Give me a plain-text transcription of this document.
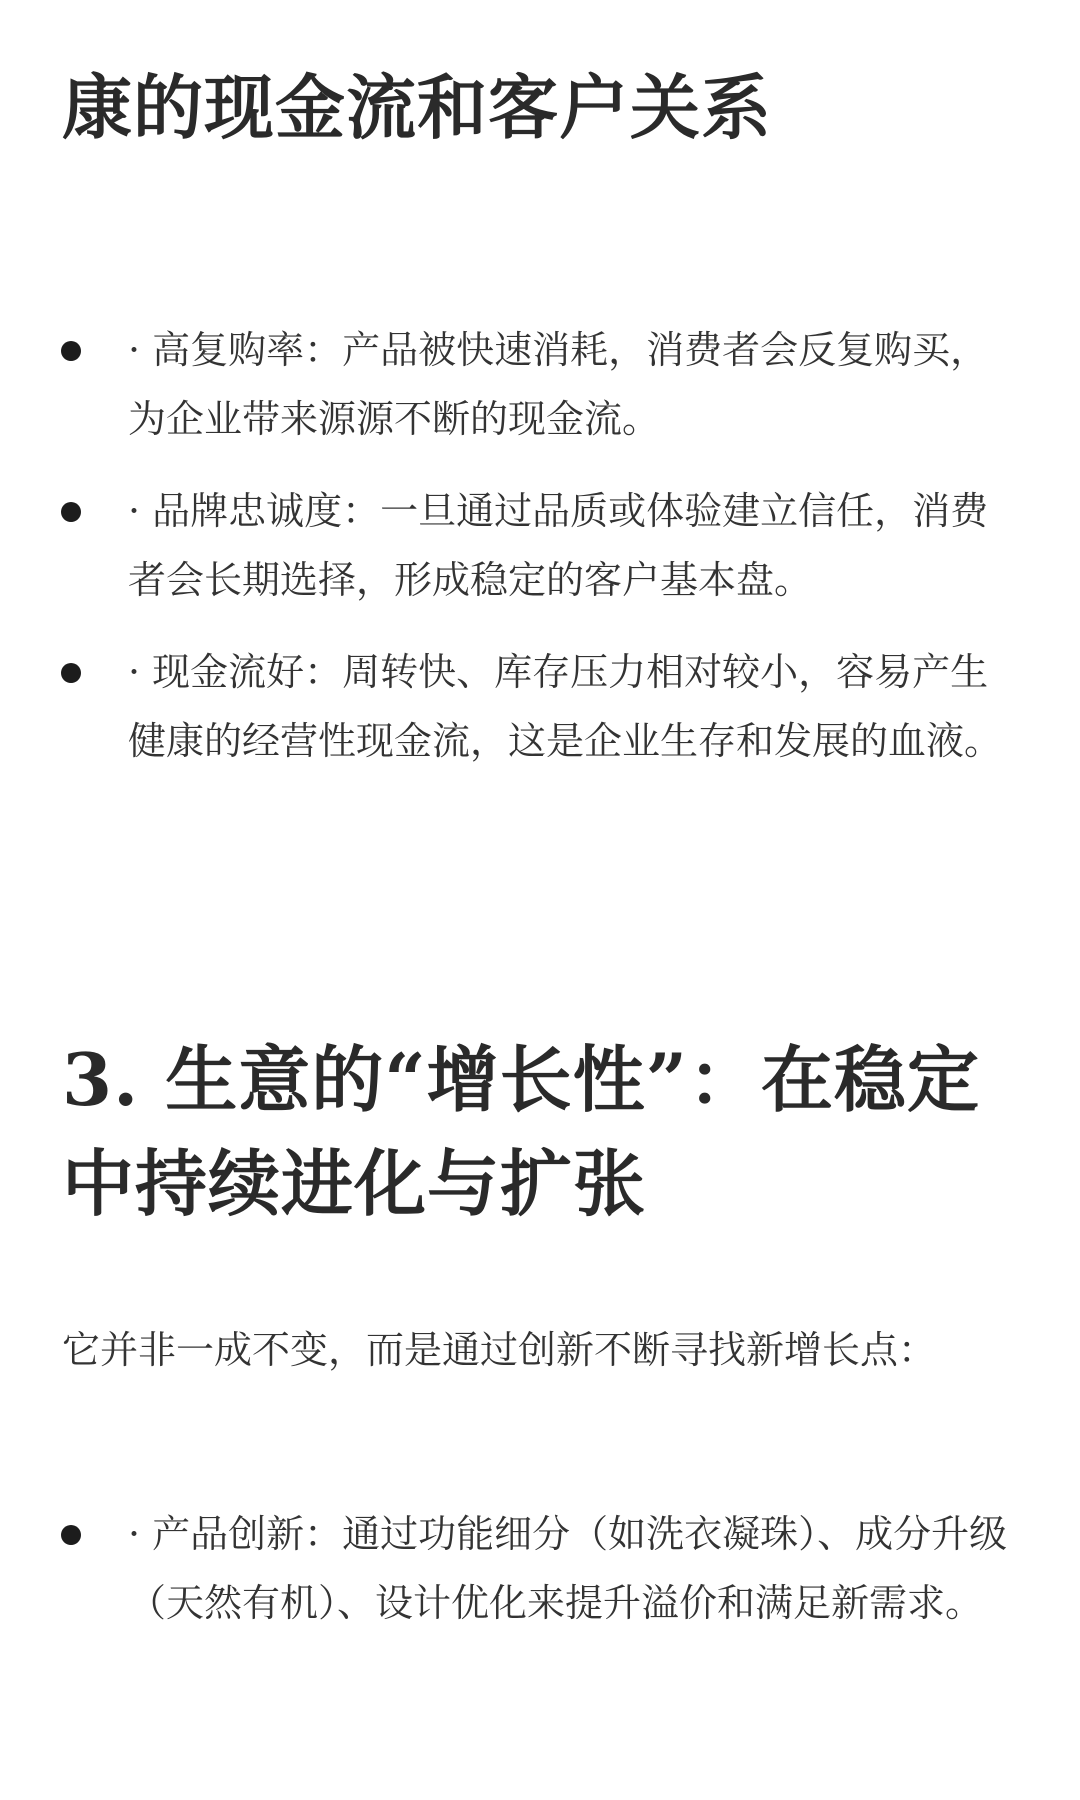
康的现金流和客户关系
· 高复购率：产品被快速消耗，消费者会反复购买，为企业带来源源不断的现金流。
· 品牌忠诚度：一旦通过品质或体验建立信任，消费者会长期选择，形成稳定的客户基本盘。
· 现金流好：周转快、库存压力相对较小，容易产生健康的经营性现金流，这是企业生存和发展的血液。
3. 生意的“增长性”：在稳定中持续进化与扩张

它并非一成不变，而是通过创新不断寻找新增长点：

· 产品创新：通过功能细分（如洗衣凝珠）、成分升级（天然有机）、设计优化来提升溢价和满足新需求。
